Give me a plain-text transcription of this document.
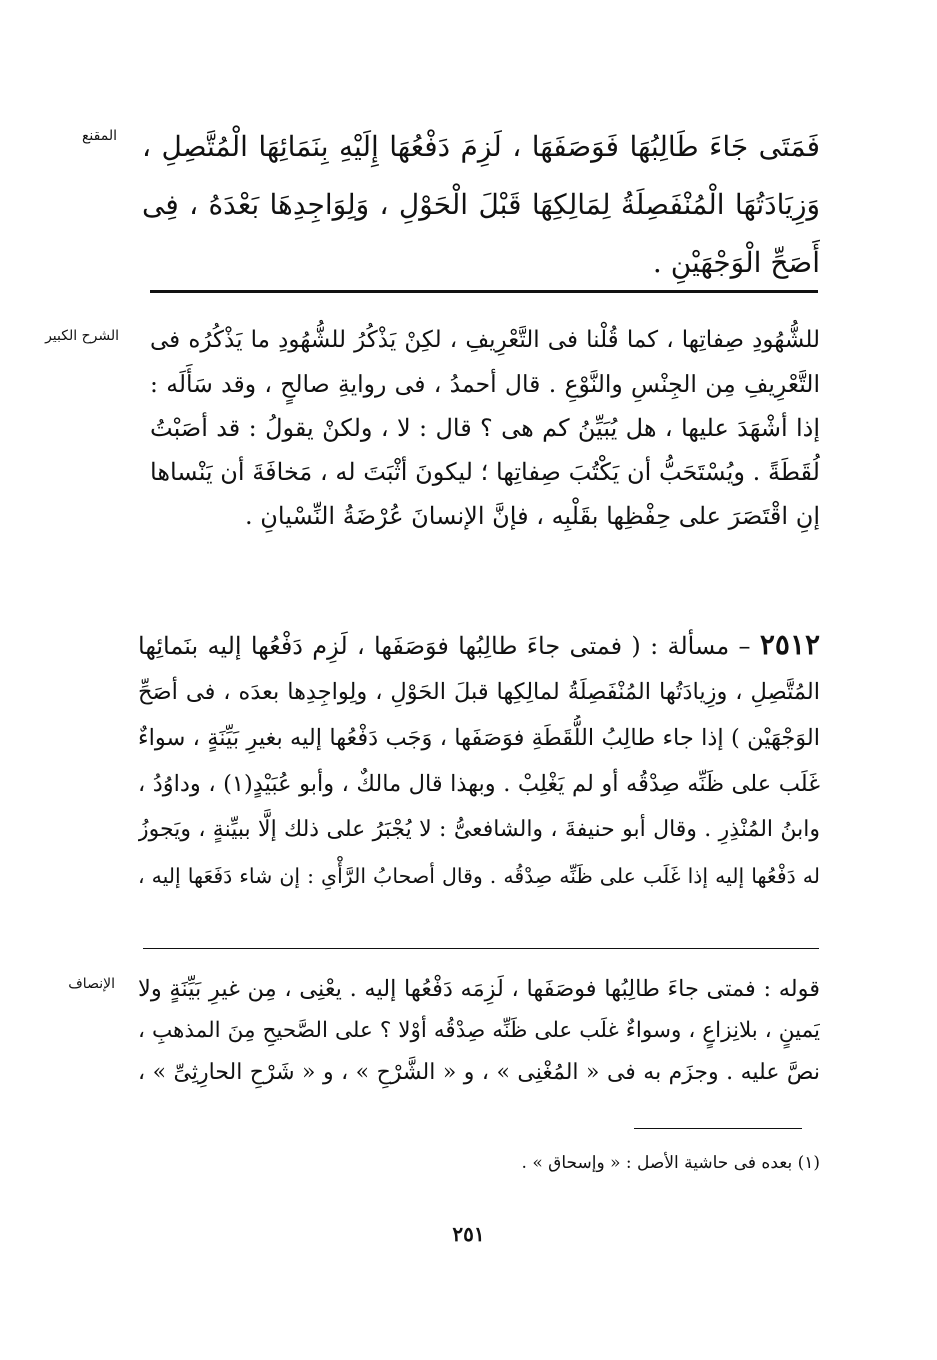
المقنع فَمَتَى جَاءَ طَالِبُهَا فَوَصَفَهَا ، لَزِمَ دَفْعُهَا إِلَيْهِ بِنَمَائِهَا الْمُتَّصِلِ ،
وَزِيَادَتُهَا الْمُنْفَصِلَةُ لِمَالِكِهَا قَبْلَ الْحَوْلِ ، وَلِوَاجِدِهَا بَعْدَهُ ، فِى
أَصَحِّ الْوَجْهَيْنِ .
الشرح الكبير للشُّهُودِ صِفاتِها ، كما قُلْنا فى التَّعْرِيفِ ، لكِنْ يَذْكُرُ للشُّهُودِ ما يَذْكُرُه فى
التَّعْرِيفِ مِن الجِنْسِ والنَّوْعِ . قال أحمدُ ، فى روايةِ صالحٍ ، وقد سَأَلَه :
إذا أشْهَدَ عليها ، هل يُبَيِّنُ كم هى ؟ قال : لا ، ولكنْ يقولُ : قد أصَبْتُ
لُقَطَةً . ويُسْتَحَبُّ أن يَكْتُبَ صِفاتِها ؛ ليكونَ أثْبَتَ له ، مَخافَةَ أن يَنْساها
إنِ اقْتَصَرَ على حِفْظِها بقَلْبِه ، فإنَّ الإنسانَ عُرْضَةُ النِّسْيانِ .
٢٥١٢ – مسألة : ( فمتى جاءَ طالِبُها فوَصَفَها ، لَزِم دَفْعُها إليه بنَمائِها
المُتَّصِلِ ، وزِيادَتُها المُنْفَصِلَةُ لمالِكِها قبلَ الحَوْلِ ، ولِواجِدِها بعدَه ، فى أصَحِّ
الوَجْهَيْن ) إذا جاء طالِبُ اللُّقَطَةِ فوَصَفَها ، وَجَب دَفْعُها إليه بغيرِ بَيِّنَةٍ ، سواءٌ
غَلَب على ظَنِّه صِدْقُه أو لم يَغْلِبْ . وبهذا قال مالكٌ ، وأبو عُبَيْدٍ(١) ، وداوُدُ ،
وابنُ المُنْذِرِ . وقال أبو حنيفةَ ، والشافعىُّ : لا يُجْبَرُ على ذلك إلَّا ببيِّنةٍ ، ويَجوزُ
له دَفْعُها إليه إذا غَلَب على ظَنِّه صِدْقُه . وقال أصحابُ الرَّأْىِ : إن شاء دَفَعَها إليه ،
الإنصاف قوله : فمتى جاءَ طالِبُها فوصَفَها ، لَزِمَه دَفْعُها إليه . يعْنِى ، مِن غيرِ بَيِّنَةٍ ولا
يَمينٍ ، بلانِزاعٍ ، وسواءٌ غلَب على ظَنِّه صِدْقُه أوْلا ؟ على الصَّحيحِ مِنَ المذهبِ ،
نصَّ عليه . وجزَم به فى « المُغْنِى » ، و « الشَّرْحِ » ، و « شَرْحِ الحارِثِىِّ » ،
(١) بعده فى حاشية الأصل : « وإسحاق » .
٢٥١
